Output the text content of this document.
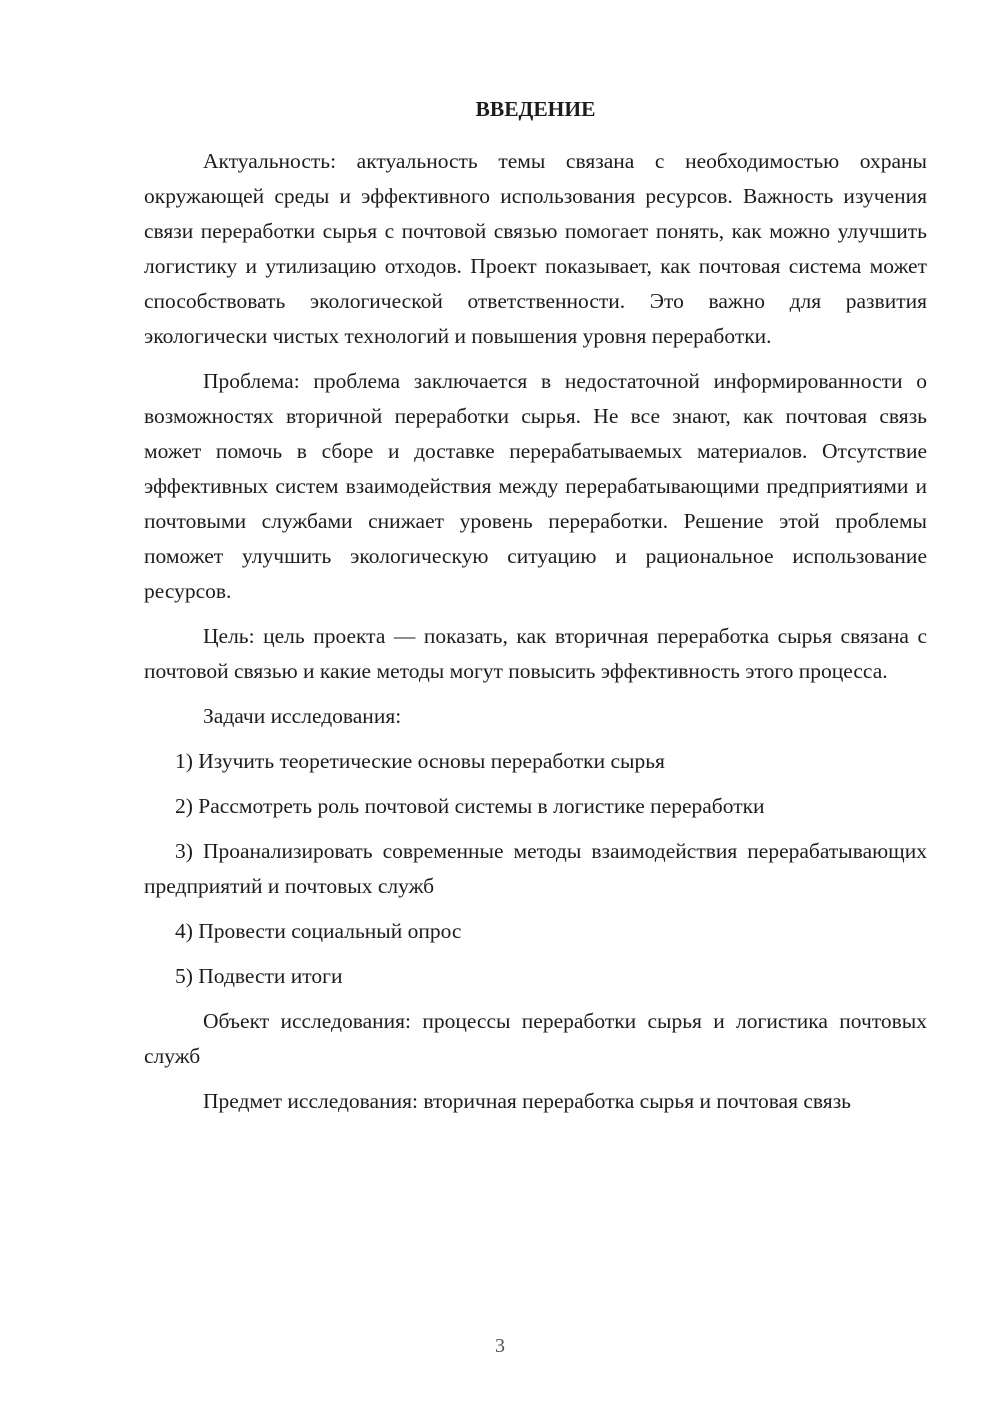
ВВЕДЕНИЕ

Актуальность: актуальность темы связана с необходимостью охраны окружающей среды и эффективного использования ресурсов. Важность изучения связи переработки сырья с почтовой связью помогает понять, как можно улучшить логистику и утилизацию отходов. Проект показывает, как почтовая система может способствовать экологической ответственности. Это важно для развития экологически чистых технологий и повышения уровня переработки.

Проблема: проблема заключается в недостаточной информированности о возможностях вторичной переработки сырья. Не все знают, как почтовая связь может помочь в сборе и доставке перерабатываемых материалов. Отсутствие эффективных систем взаимодействия между перерабатывающими предприятиями и почтовыми службами снижает уровень переработки. Решение этой проблемы поможет улучшить экологическую ситуацию и рациональное использование ресурсов.

Цель: цель проекта — показать, как вторичная переработка сырья связана с почтовой связью и какие методы могут повысить эффективность этого процесса.

Задачи исследования:

1) Изучить теоретические основы переработки сырья

2) Рассмотреть роль почтовой системы в логистике переработки

3) Проанализировать современные методы взаимодействия перерабатывающих предприятий и почтовых служб

4) Провести социальный опрос

5) Подвести итоги

Объект исследования: процессы переработки сырья и логистика почтовых служб

Предмет исследования: вторичная переработка сырья и почтовая связь

3
